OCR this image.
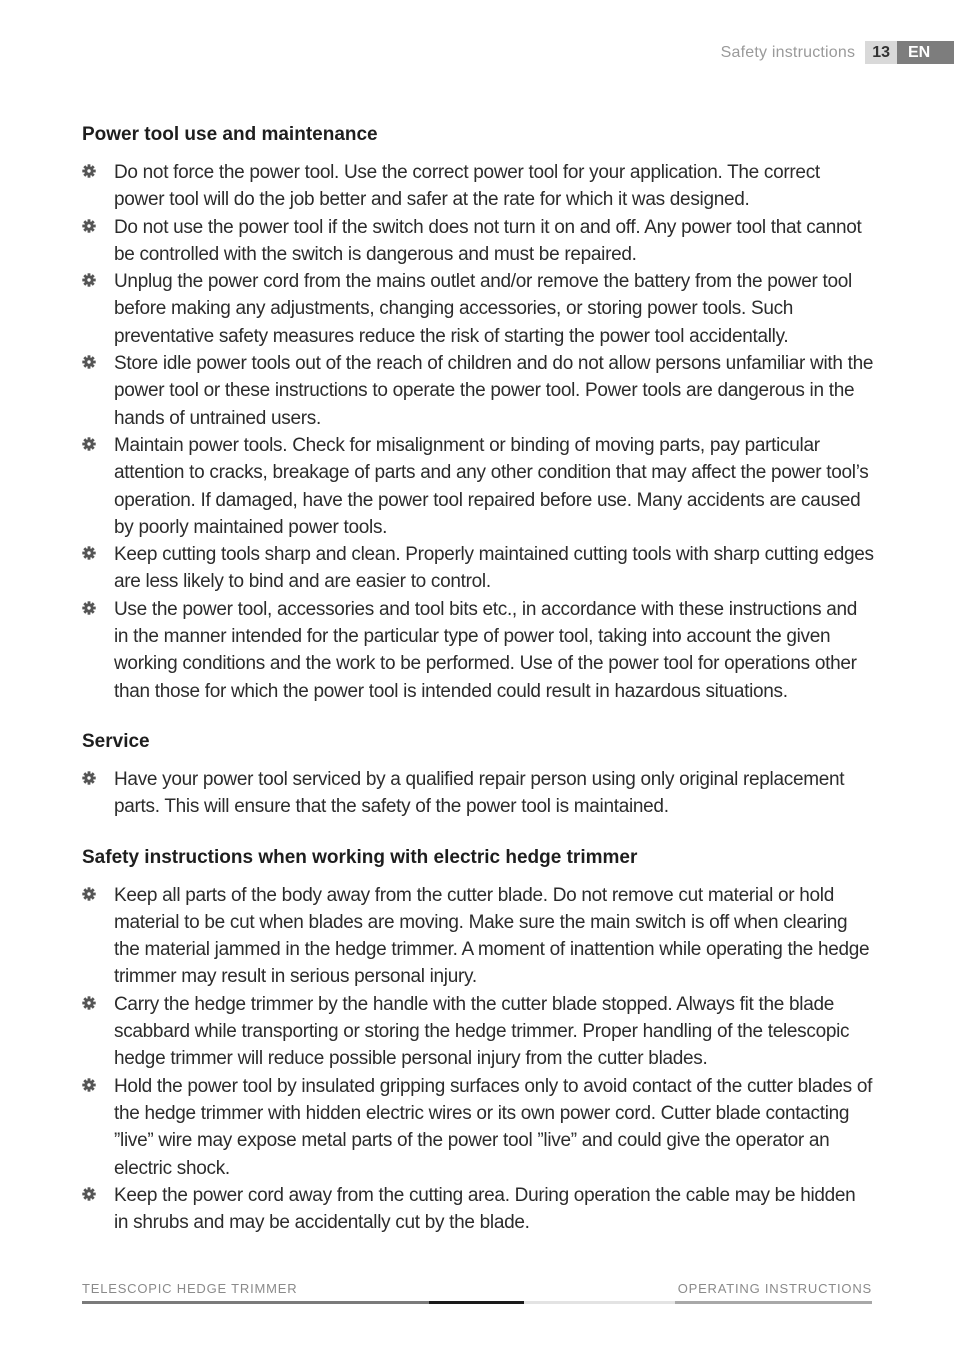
Safety instructions	13	EN
Power tool use and maintenance
Do not force the power tool. Use the correct power tool for your application. The correct power tool will do the job better and safer at the rate for which it was designed.
Do not use the power tool if the switch does not turn it on and off. Any power tool that cannot be controlled with the switch is dangerous and must be repaired.
Unplug the power cord from the mains outlet and/or remove the battery from the power tool before making any adjustments, changing accessories, or storing power tools. Such preventative safety measures reduce the risk of starting the power tool accidentally.
Store idle power tools out of the reach of children and do not allow persons unfamiliar with the power tool or these instructions to operate the power tool. Power tools are dangerous in the hands of untrained users.
Maintain power tools. Check for misalignment or binding of moving parts, pay particular attention to cracks, breakage of parts and any other condition that may affect the power tool’s operation. If damaged, have the power tool repaired before use. Many accidents are caused by poorly maintained power tools.
Keep cutting tools sharp and clean. Properly maintained cutting tools with sharp cutting edges are less likely to bind and are easier to control.
Use the power tool, accessories and tool bits etc., in accordance with these instructions and in the manner intended for the particular type of power tool, taking into account the given working conditions and the work to be performed. Use of the power tool for operations other than those for which the power tool is intended could result in hazardous situations.
Service
Have your power tool serviced by a qualified repair person using only original replacement parts. This will ensure that the safety of the power tool is maintained.
Safety instructions when working with electric hedge trimmer
Keep all parts of the body away from the cutter blade. Do not remove cut material or hold material to be cut when blades are moving. Make sure the main switch is off when clearing the material jammed in the hedge trimmer. A moment of inattention while operating the hedge trimmer may result in serious personal injury.
Carry the hedge trimmer by the handle with the cutter blade stopped. Always fit the blade scabbard while transporting or storing the hedge trimmer. Proper handling of the telescopic hedge trimmer will reduce possible personal injury from the cutter blades.
Hold the power tool by insulated gripping surfaces only to avoid contact of the cutter blades of the hedge trimmer with hidden electric wires or its own power cord. Cutter blade contacting ”live” wire may expose metal parts of the power tool ”live” and could give the operator an electric shock.
Keep the power cord away from the cutting area. During operation the cable may be hidden in shrubs and may be accidentally cut by the blade.
TELESCOPIC HEDGE TRIMMER	OPERATING INSTRUCTIONS
